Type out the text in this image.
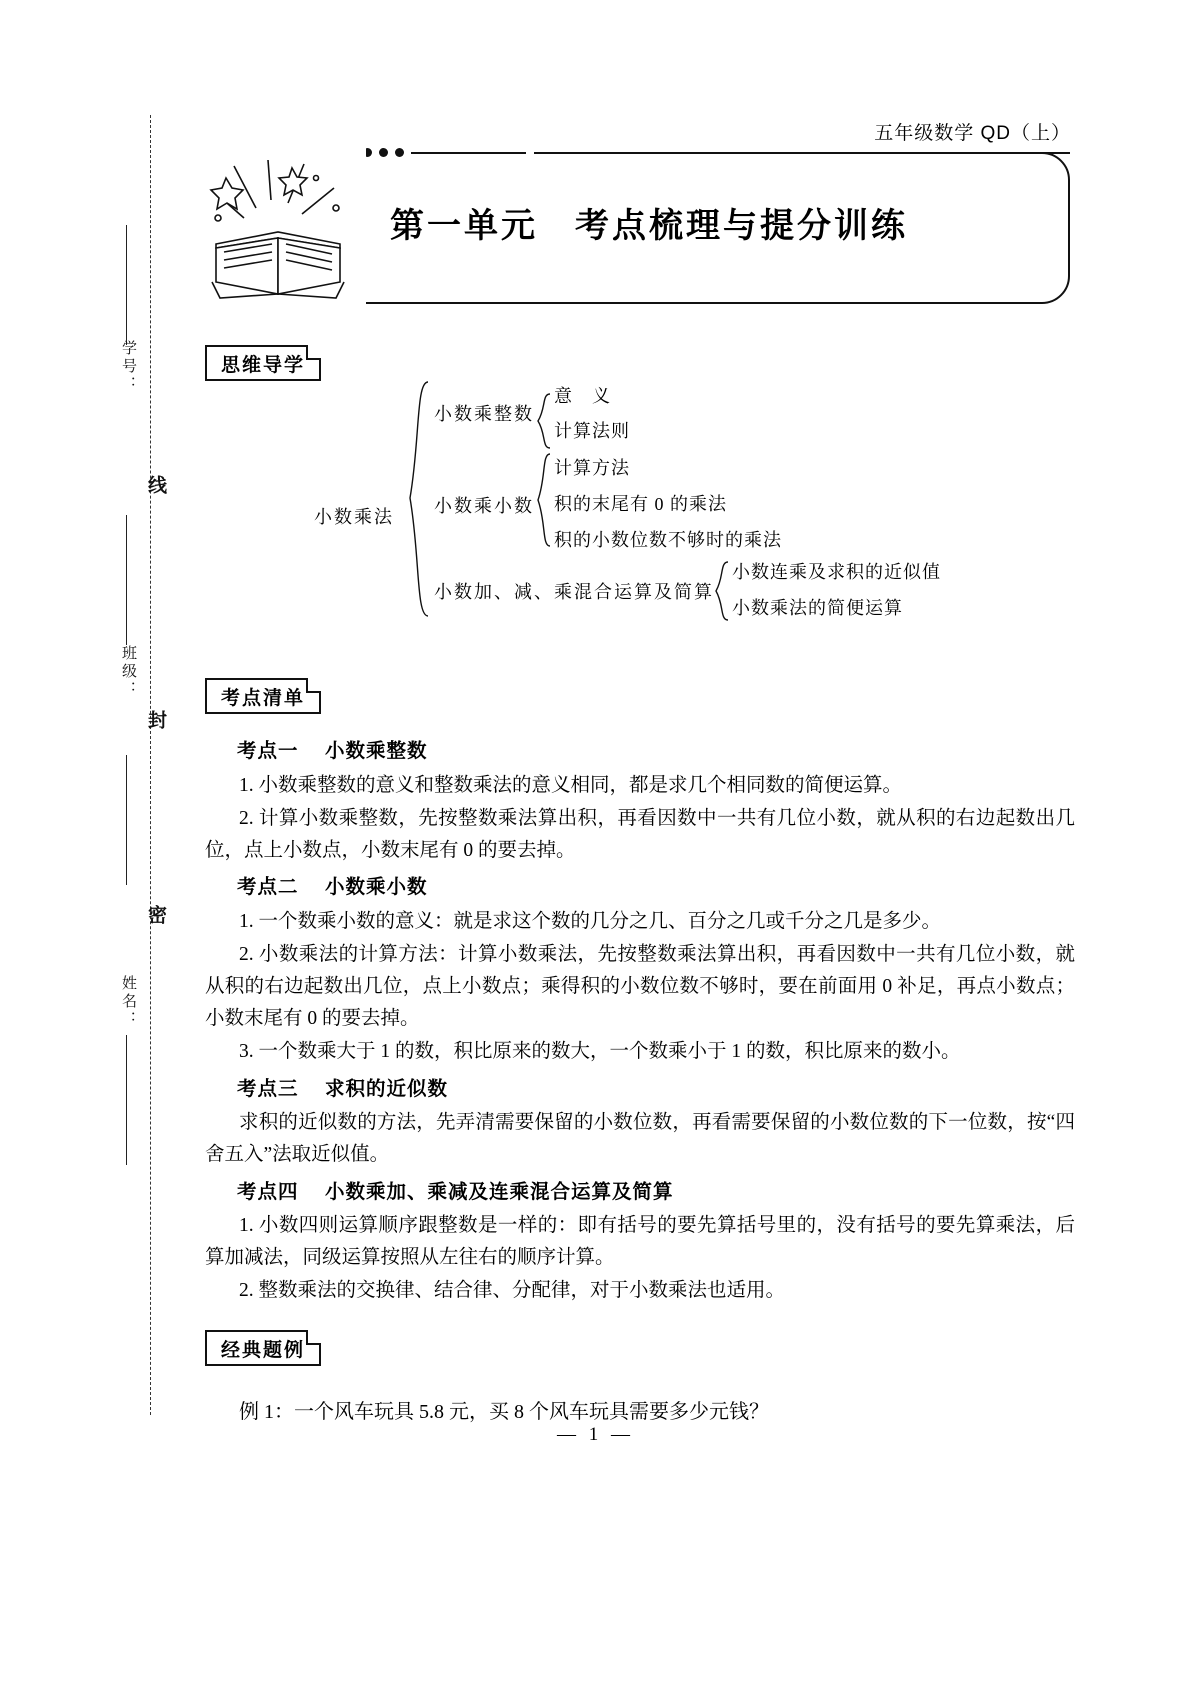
学号：
班级：
姓名：
线
封
密
五年级数学 QD（上）
第一单元　考点梳理与提分训练
思维导学
小数乘法
小数乘整数
意　义
计算法则
小数乘小数
计算方法
积的末尾有 0 的乘法
积的小数位数不够时的乘法
小数加、减、乘混合运算及简算
小数连乘及求积的近似值
小数乘法的简便运算
考点清单
考点一 小数乘整数
1. 小数乘整数的意义和整数乘法的意义相同，都是求几个相同数的简便运算。
2. 计算小数乘整数，先按整数乘法算出积，再看因数中一共有几位小数，就从积的右边起数出几位，点上小数点，小数末尾有 0 的要去掉。
考点二 小数乘小数
1. 一个数乘小数的意义：就是求这个数的几分之几、百分之几或千分之几是多少。
2. 小数乘法的计算方法：计算小数乘法，先按整数乘法算出积，再看因数中一共有几位小数，就从积的右边起数出几位，点上小数点；乘得积的小数位数不够时，要在前面用 0 补足，再点小数点；小数末尾有 0 的要去掉。
3. 一个数乘大于 1 的数，积比原来的数大，一个数乘小于 1 的数，积比原来的数小。
考点三 求积的近似数
求积的近似数的方法，先弄清需要保留的小数位数，再看需要保留的小数位数的下一位数，按“四舍五入”法取近似值。
考点四 小数乘加、乘减及连乘混合运算及简算
1. 小数四则运算顺序跟整数是一样的：即有括号的要先算括号里的，没有括号的要先算乘法，后算加减法，同级运算按照从左往右的顺序计算。
2. 整数乘法的交换律、结合律、分配律，对于小数乘法也适用。
经典题例
例 1：一个风车玩具 5.8 元，买 8 个风车玩具需要多少元钱？
— 1 —
